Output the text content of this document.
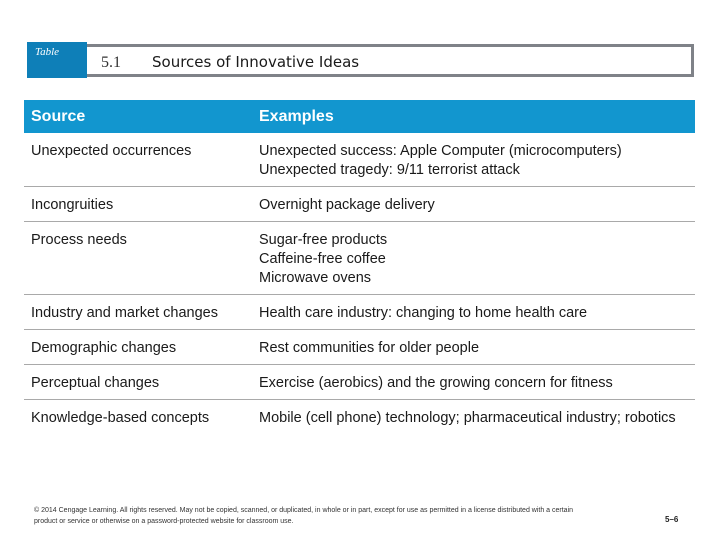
Table
5.1 Sources of Innovative Ideas
Source	Examples
Unexpected occurrences	Unexpected success: Apple Computer (microcomputers)
Unexpected tragedy: 9/11 terrorist attack

Incongruities	Overnight package delivery

Process needs	Sugar-free products
Caffeine-free coffee
Microwave ovens

Industry and market changes	Health care industry: changing to home health care

Demographic changes	Rest communities for older people

Perceptual changes	Exercise (aerobics) and the growing concern for fitness

Knowledge-based concepts	Mobile (cell phone) technology; pharmaceutical industry; robotics
© 2014 Cengage Learning. All rights reserved. May not be copied, scanned, or duplicated, in whole or in part, except for use as permitted in a license distributed with a certain product or service or otherwise on a password-protected website for classroom use.	5–6
